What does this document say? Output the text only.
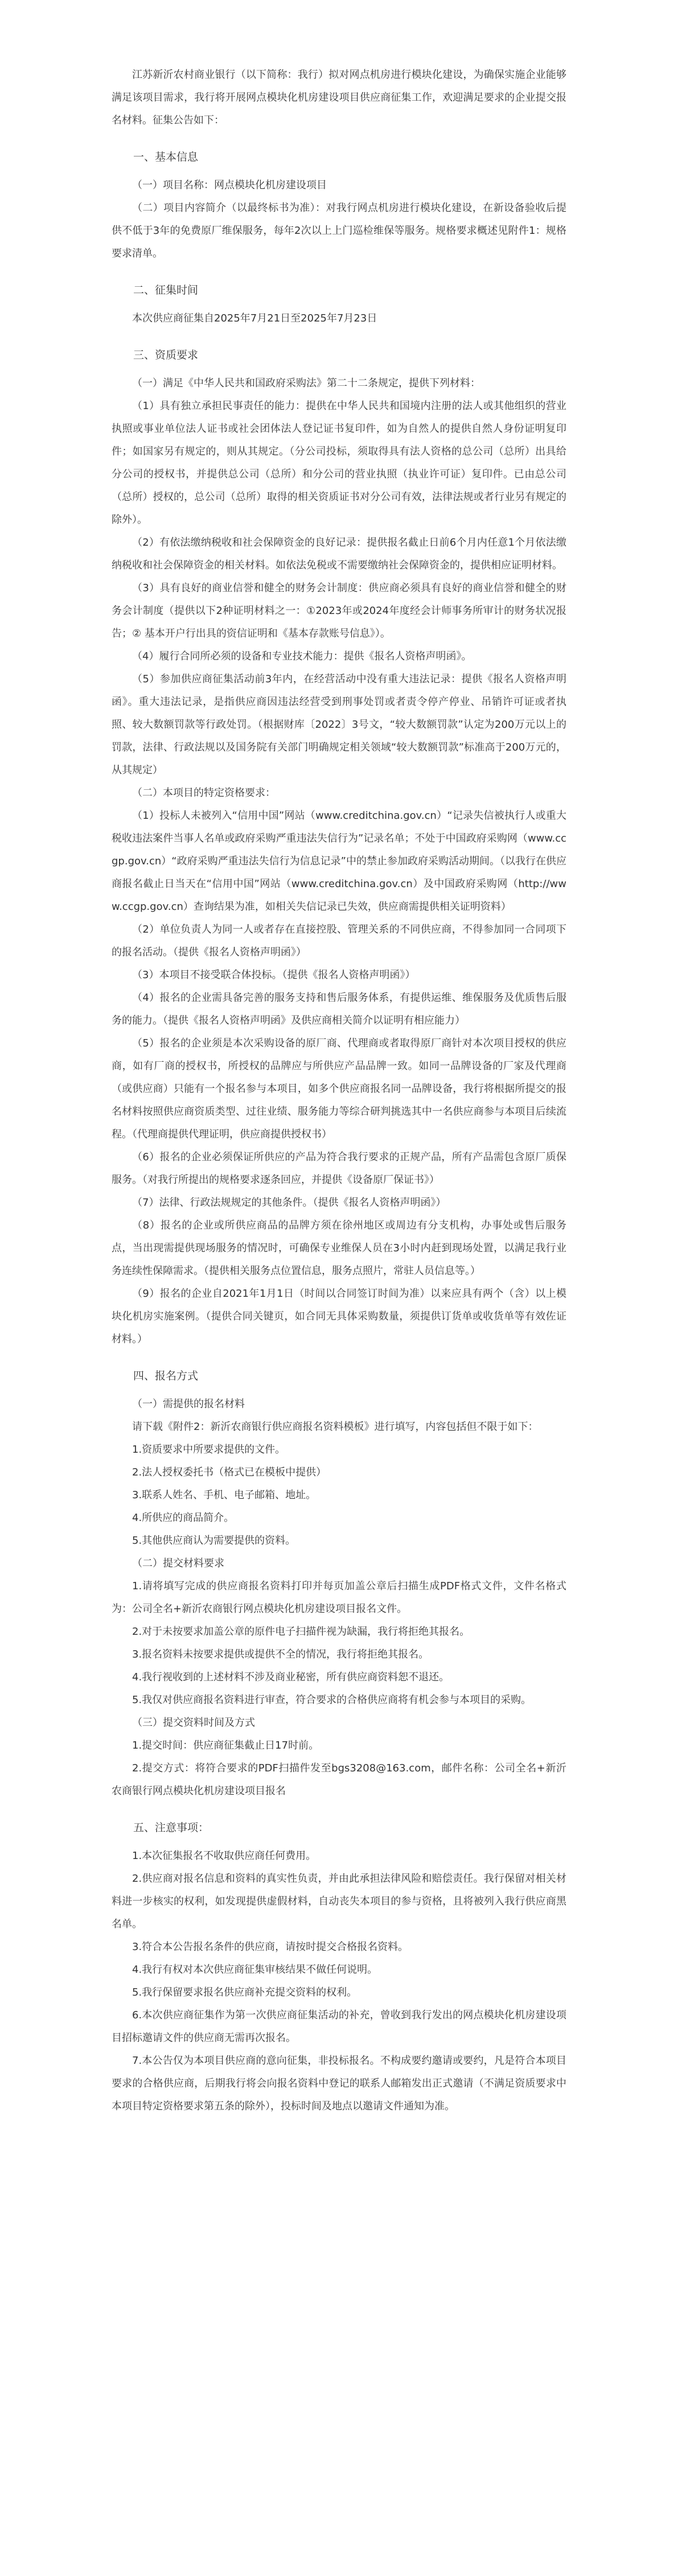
江苏新沂农村商业银行（以下简称：我行）拟对网点机房进行模块化建设，为确保实施企业能够满足该项目需求，我行将开展网点模块化机房建设项目供应商征集工作，欢迎满足要求的企业提交报名材料。征集公告如下：

一、基本信息

（一）项目名称：网点模块化机房建设项目

（二）项目内容简介（以最终标书为准）：对我行网点机房进行模块化建设，在新设备验收后提供不低于3年的免费原厂维保服务，每年2次以上上门巡检维保等服务。规格要求概述见附件1：规格要求清单。

二、征集时间

本次供应商征集自2025年7月21日至2025年7月23日

三、资质要求

（一）满足《中华人民共和国政府采购法》第二十二条规定，提供下列材料：

（1）具有独立承担民事责任的能力：提供在中华人民共和国境内注册的法人或其他组织的营业执照或事业单位法人证书或社会团体法人登记证书复印件，如为自然人的提供自然人身份证明复印件；如国家另有规定的，则从其规定。（分公司投标，须取得具有法人资格的总公司（总所）出具给分公司的授权书，并提供总公司（总所）和分公司的营业执照（执业许可证）复印件。已由总公司（总所）授权的，总公司（总所）取得的相关资质证书对分公司有效，法律法规或者行业另有规定的除外）。

（2）有依法缴纳税收和社会保障资金的良好记录：提供报名截止日前6个月内任意1个月依法缴纳税收和社会保障资金的相关材料。如依法免税或不需要缴纳社会保障资金的，提供相应证明材料。

（3）具有良好的商业信誉和健全的财务会计制度：供应商必须具有良好的商业信誉和健全的财务会计制度（提供以下2种证明材料之一：①2023年或2024年度经会计师事务所审计的财务状况报告；② 基本开户行出具的资信证明和《基本存款账号信息》）。

（4）履行合同所必须的设备和专业技术能力：提供《报名人资格声明函》。

（5）参加供应商征集活动前3年内，在经营活动中没有重大违法记录：提供《报名人资格声明函》。重大违法记录，是指供应商因违法经营受到刑事处罚或者责令停产停业、吊销许可证或者执照、较大数额罚款等行政处罚。（根据财库〔2022〕3号文，“较大数额罚款”认定为200万元以上的罚款，法律、行政法规以及国务院有关部门明确规定相关领域“较大数额罚款”标准高于200万元的，从其规定）

（二）本项目的特定资格要求：

（1）投标人未被列入“信用中国”网站（www.creditchina.gov.cn）“记录失信被执行人或重大税收违法案件当事人名单或政府采购严重违法失信行为”记录名单；不处于中国政府采购网（www.ccgp.gov.cn）“政府采购严重违法失信行为信息记录”中的禁止参加政府采购活动期间。（以我行在供应商报名截止日当天在“信用中国”网站（www.creditchina.gov.cn）及中国政府采购网（http://www.ccgp.gov.cn）查询结果为准，如相关失信记录已失效，供应商需提供相关证明资料）

（2）单位负责人为同一人或者存在直接控股、管理关系的不同供应商，不得参加同一合同项下的报名活动。（提供《报名人资格声明函》）

（3）本项目不接受联合体投标。（提供《报名人资格声明函》）

（4）报名的企业需具备完善的服务支持和售后服务体系，有提供运维、维保服务及优质售后服务的能力。（提供《报名人资格声明函》及供应商相关简介以证明有相应能力）

（5）报名的企业须是本次采购设备的原厂商、代理商或者取得原厂商针对本次项目授权的供应商，如有厂商的授权书，所授权的品牌应与所供应产品品牌一致。如同一品牌设备的厂家及代理商（或供应商）只能有一个报名参与本项目，如多个供应商报名同一品牌设备，我行将根据所提交的报名材料按照供应商资质类型、过往业绩、服务能力等综合研判挑选其中一名供应商参与本项目后续流程。（代理商提供代理证明，供应商提供授权书）

（6）报名的企业必须保证所供应的产品为符合我行要求的正规产品，所有产品需包含原厂质保服务。（对我行所提出的规格要求逐条回应，并提供《设备原厂保证书》）

（7）法律、行政法规规定的其他条件。（提供《报名人资格声明函》）

（8）报名的企业或所供应商品的品牌方须在徐州地区或周边有分支机构，办事处或售后服务点，当出现需提供现场服务的情况时，可确保专业维保人员在3小时内赶到现场处置，以满足我行业务连续性保障需求。（提供相关服务点位置信息，服务点照片，常驻人员信息等。）

（9）报名的企业自2021年1月1日（时间以合同签订时间为准）以来应具有两个（含）以上模块化机房实施案例。（提供合同关键页，如合同无具体采购数量，须提供订货单或收货单等有效佐证材料。）

四、报名方式

（一）需提供的报名材料

请下载《附件2：新沂农商银行供应商报名资料模板》进行填写，内容包括但不限于如下：

1.资质要求中所要求提供的文件。

2.法人授权委托书（格式已在模板中提供）

3.联系人姓名、手机、电子邮箱、地址。

4.所供应的商品简介。

5.其他供应商认为需要提供的资料。

（二）提交材料要求

1.请将填写完成的供应商报名资料打印并每页加盖公章后扫描生成PDF格式文件，文件名格式为：公司全名+新沂农商银行网点模块化机房建设项目报名文件。

2.对于未按要求加盖公章的原件电子扫描件视为缺漏，我行将拒绝其报名。

3.报名资料未按要求提供或提供不全的情况，我行将拒绝其报名。

4.我行视收到的上述材料不涉及商业秘密，所有供应商资料恕不退还。

5.我仅对供应商报名资料进行审查，符合要求的合格供应商将有机会参与本项目的采购。

（三）提交资料时间及方式

1.提交时间：供应商征集截止日17时前。

2.提交方式：将符合要求的PDF扫描件发至bgs3208@163.com，邮件名称：公司全名+新沂农商银行网点模块化机房建设项目报名

五、注意事项：

1.本次征集报名不收取供应商任何费用。

2.供应商对报名信息和资料的真实性负责，并由此承担法律风险和赔偿责任。我行保留对相关材料进一步核实的权利，如发现提供虚假材料，自动丧失本项目的参与资格，且将被列入我行供应商黑名单。

3.符合本公告报名条件的供应商，请按时提交合格报名资料。

4.我行有权对本次供应商征集审核结果不做任何说明。

5.我行保留要求报名供应商补充提交资料的权利。

6.本次供应商征集作为第一次供应商征集活动的补充，曾收到我行发出的网点模块化机房建设项目招标邀请文件的供应商无需再次报名。

7.本公告仅为本项目供应商的意向征集，非投标报名。不构成要约邀请或要约，凡是符合本项目要求的合格供应商，后期我行将会向报名资料中登记的联系人邮箱发出正式邀请（不满足资质要求中本项目特定资格要求第五条的除外），投标时间及地点以邀请文件通知为准。
